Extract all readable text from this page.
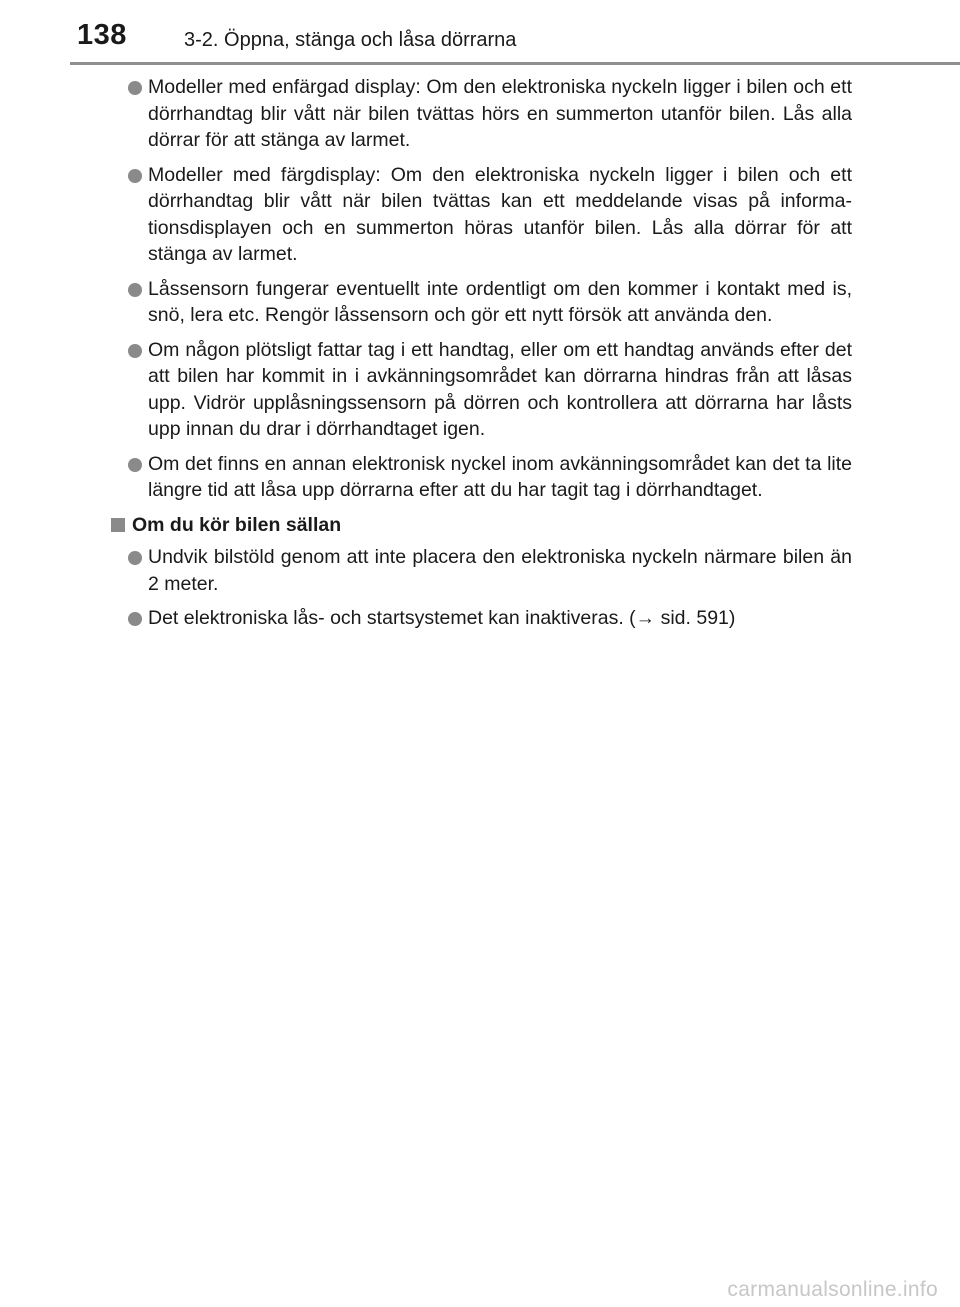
138	3-2. Öppna, stänga och låsa dörrarna
Modeller med enfärgad display: Om den elektroniska nyckeln ligger i bilen och ett dörrhandtag blir vått när bilen tvättas hörs en summerton utanför bilen. Lås alla dörrar för att stänga av larmet.
Modeller med färgdisplay: Om den elektroniska nyckeln ligger i bilen och ett dörrhandtag blir vått när bilen tvättas kan ett meddelande visas på informationsdisplayen och en summerton höras utanför bilen. Lås alla dörrar för att stänga av larmet.
Låssensorn fungerar eventuellt inte ordentligt om den kommer i kontakt med is, snö, lera etc. Rengör låssensorn och gör ett nytt försök att använda den.
Om någon plötsligt fattar tag i ett handtag, eller om ett handtag används efter det att bilen har kommit in i avkänningsområdet kan dörrarna hindras från att låsas upp. Vidrör upplåsningssensorn på dörren och kontrollera att dörrarna har låsts upp innan du drar i dörrhandtaget igen.
Om det finns en annan elektronisk nyckel inom avkänningsområdet kan det ta lite längre tid att låsa upp dörrarna efter att du har tagit tag i dörrhandtaget.
Om du kör bilen sällan
Undvik bilstöld genom att inte placera den elektroniska nyckeln närmare bilen än 2 meter.
Det elektroniska lås- och startsystemet kan inaktiveras. (→ sid. 591)
carmanualsonline.info
